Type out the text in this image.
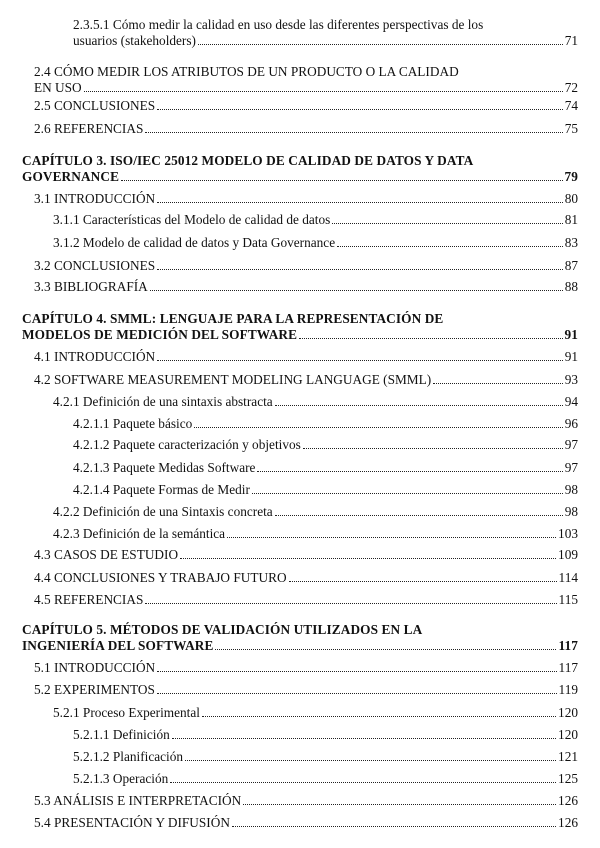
2.3.5.1 Cómo medir la calidad en uso desde las diferentes perspectivas de los
usuarios (stakeholders)	71
2.4 CÓMO MEDIR LOS ATRIBUTOS DE UN PRODUCTO O LA CALIDAD
EN USO	72
2.5 CONCLUSIONES	74
2.6 REFERENCIAS	75
CAPÍTULO 3. ISO/IEC 25012 MODELO DE CALIDAD DE DATOS Y DATA
GOVERNANCE	79
3.1 INTRODUCCIÓN	80
3.1.1 Características del Modelo de calidad de datos	81
3.1.2 Modelo de calidad de datos y Data Governance	83
3.2 CONCLUSIONES	87
3.3 BIBLIOGRAFÍA	88
CAPÍTULO 4. SMML: LENGUAJE PARA LA REPRESENTACIÓN DE
MODELOS DE MEDICIÓN DEL SOFTWARE	91
4.1 INTRODUCCIÓN	91
4.2 SOFTWARE MEASUREMENT MODELING LANGUAGE (SMML)	93
4.2.1 Definición de una sintaxis abstracta	94
4.2.1.1 Paquete básico	96
4.2.1.2 Paquete caracterización y objetivos	97
4.2.1.3 Paquete Medidas Software	97
4.2.1.4 Paquete Formas de Medir	98
4.2.2 Definición de una Sintaxis concreta	98
4.2.3 Definición de la semántica	103
4.3 CASOS DE ESTUDIO	109
4.4 CONCLUSIONES Y TRABAJO FUTURO	114
4.5 REFERENCIAS	115
CAPÍTULO 5. MÉTODOS DE VALIDACIÓN UTILIZADOS EN LA
INGENIERÍA DEL SOFTWARE	117
5.1 INTRODUCCIÓN	117
5.2 EXPERIMENTOS	119
5.2.1 Proceso Experimental	120
5.2.1.1 Definición	120
5.2.1.2 Planificación	121
5.2.1.3 Operación	125
5.3 ANÁLISIS E INTERPRETACIÓN	126
5.4 PRESENTACIÓN Y DIFUSIÓN	126
